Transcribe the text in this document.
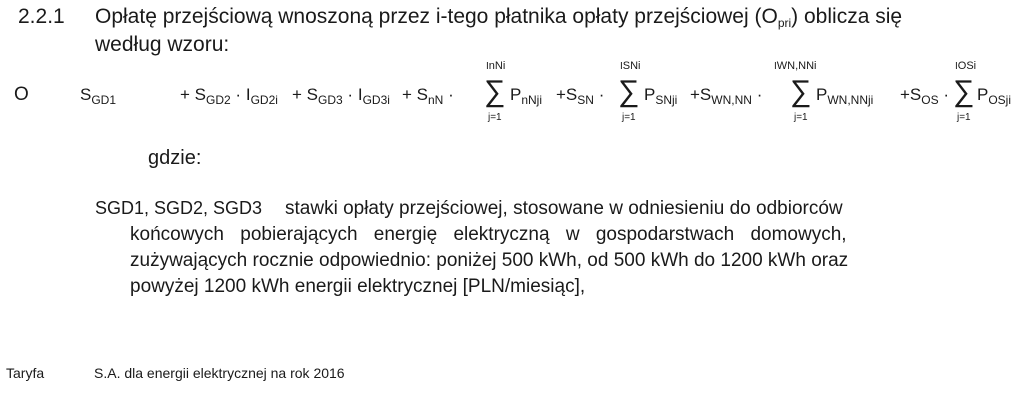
2.2.1 Opłatę przejściową wnoszoną przez i-tego płatnika opłaty przejściowej $(O_{pri})$ oblicza się
według wzoru:
O	$S_{GD1}$	+ $S_{GD2} \cdot I_{GD2i} + S_{GD3} \cdot I_{GD3i} + S_{nN}$ ·
InNi
∑
j=1
$P_{nNji} +S_{SN}$ ·
ISNi
∑
j=1
$P_{SNji} +S_{WN,NN}$ ·
IWN,NNi
∑
j=1
$P_{WN,NNji} +S_{OS}$ ·
IOSi
∑
j=1
$P_{OSji}$
gdzie:
SGD1, SGD2, SGD3 stawki opłaty przejściowej, stosowane w odniesieniu do odbiorców
końcowych pobierających energię elektryczną w gospodarstwach domowych,
zużywających rocznie odpowiednio: poniżej 500 kWh, od 500 kWh do 1200 kWh oraz
powyżej 1200 kWh energii elektrycznej [PLN/miesiąc],
Taryfa	S.A. dla energii elektrycznej na rok 2016
